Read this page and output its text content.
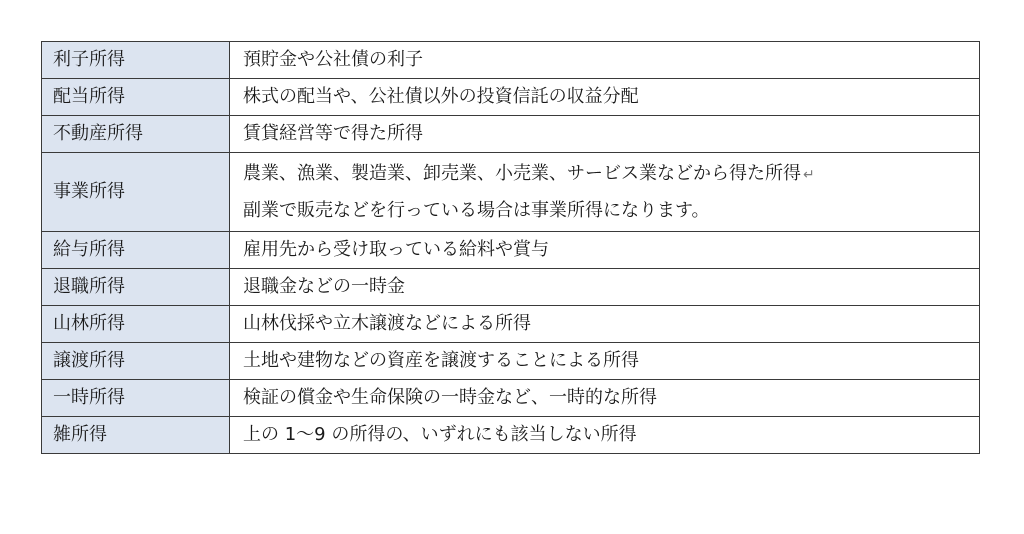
利子所得	預貯金や公社債の利子

配当所得	株式の配当や、公社債以外の投資信託の収益分配

不動産所得	賃貸経営等で得た所得

事業所得	農業、漁業、製造業、卸売業、小売業、サービス業などから得た所得 ↵
副業で販売などを行っている場合は事業所得になります。

給与所得	雇用先から受け取っている給料や賞与

退職所得	退職金などの一時金

山林所得	山林伐採や立木譲渡などによる所得

譲渡所得	土地や建物などの資産を譲渡することによる所得

一時所得	検証の償金や生命保険の一時金など、一時的な所得

雑所得	上の 1～9 の所得の、いずれにも該当しない所得
